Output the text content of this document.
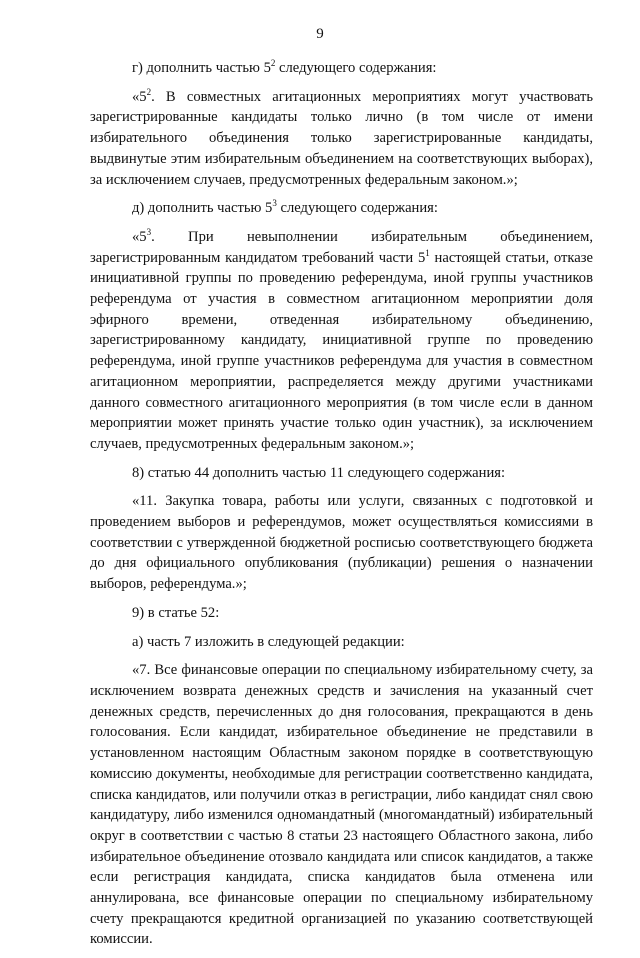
9

г) дополнить частью $5^2$ следующего содержания:

«$5^2$. В совместных агитационных мероприятиях могут участвовать зарегистрированные кандидаты только лично (в том числе от имени избирательного объединения только зарегистрированные кандидаты, выдвинутые этим избирательным объединением на соответствующих выборах), за исключением случаев, предусмотренных федеральным законом.»;

д) дополнить частью $5^3$ следующего содержания:

«$5^3$. При невыполнении избирательным объединением, зарегистрированным кандидатом требований части $5^1$ настоящей статьи, отказе инициативной группы по проведению референдума, иной группы участников референдума от участия в совместном агитационном мероприятии доля эфирного времени, отведенная избирательному объединению, зарегистрированному кандидату, инициативной группе по проведению референдума, иной группе участников референдума для участия в совместном агитационном мероприятии, распределяется между другими участниками данного совместного агитационного мероприятия (в том числе если в данном мероприятии может принять участие только один участник), за исключением случаев, предусмотренных федеральным законом.»;

8) статью 44 дополнить частью 11 следующего содержания:

«11. Закупка товара, работы или услуги, связанных с подготовкой и проведением выборов и референдумов, может осуществляться комиссиями в соответствии с утвержденной бюджетной росписью соответствующего бюджета до дня официального опубликования (публикации) решения о назначении выборов, референдума.»;

9) в статье 52:

а) часть 7 изложить в следующей редакции:

«7. Все финансовые операции по специальному избирательному счету, за исключением возврата денежных средств и зачисления на указанный счет денежных средств, перечисленных до дня голосования, прекращаются в день голосования. Если кандидат, избирательное объединение не представили в установленном настоящим Областным законом порядке в соответствующую комиссию документы, необходимые для регистрации соответственно кандидата, списка кандидатов, или получили отказ в регистрации, либо кандидат снял свою кандидатуру, либо изменился одномандатный (многомандатный) избирательный округ в соответствии с частью 8 статьи 23 настоящего Областного закона, либо избирательное объединение отозвало кандидата или список кандидатов, а также если регистрация кандидата, списка кандидатов была отменена или аннулирована, все финансовые операции по специальному избирательному счету прекращаются кредитной организацией по указанию соответствующей комиссии.
